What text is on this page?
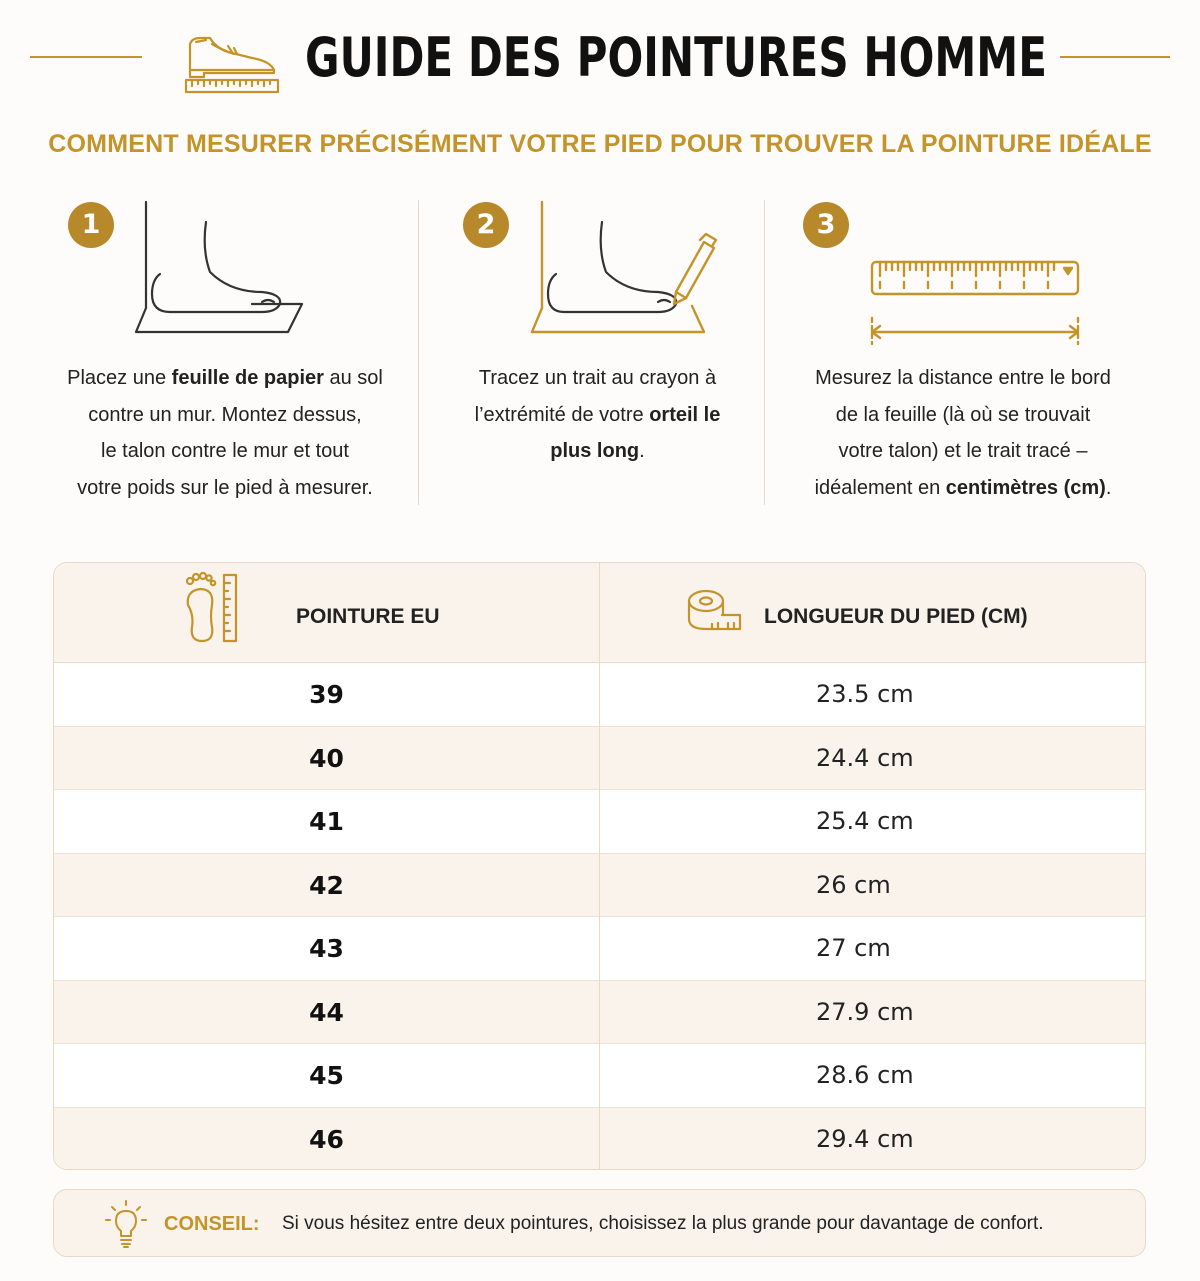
GUIDE DES POINTURES HOMME
COMMENT MESURER PRÉCISÉMENT VOTRE PIED POUR TROUVER LA POINTURE IDÉALE
1
Placez une feuille de papier au sol
contre un mur. Montez dessus,
le talon contre le mur et tout
votre poids sur le pied à mesurer.
2
Tracez un trait au crayon à
l’extrémité de votre orteil le
plus long.
3
Mesurez la distance entre le bord
de la feuille (là où se trouvait
votre talon) et le trait tracé –
idéalement en centimètres (cm).
POINTURE EU	LONGUEUR DU PIED (CM)
39	23.5 cm
40	24.4 cm
41	25.4 cm
42	26 cm
43	27 cm
44	27.9 cm
45	28.6 cm
46	29.4 cm
CONSEIL: Si vous hésitez entre deux pointures, choisissez la plus grande pour davantage de confort.
